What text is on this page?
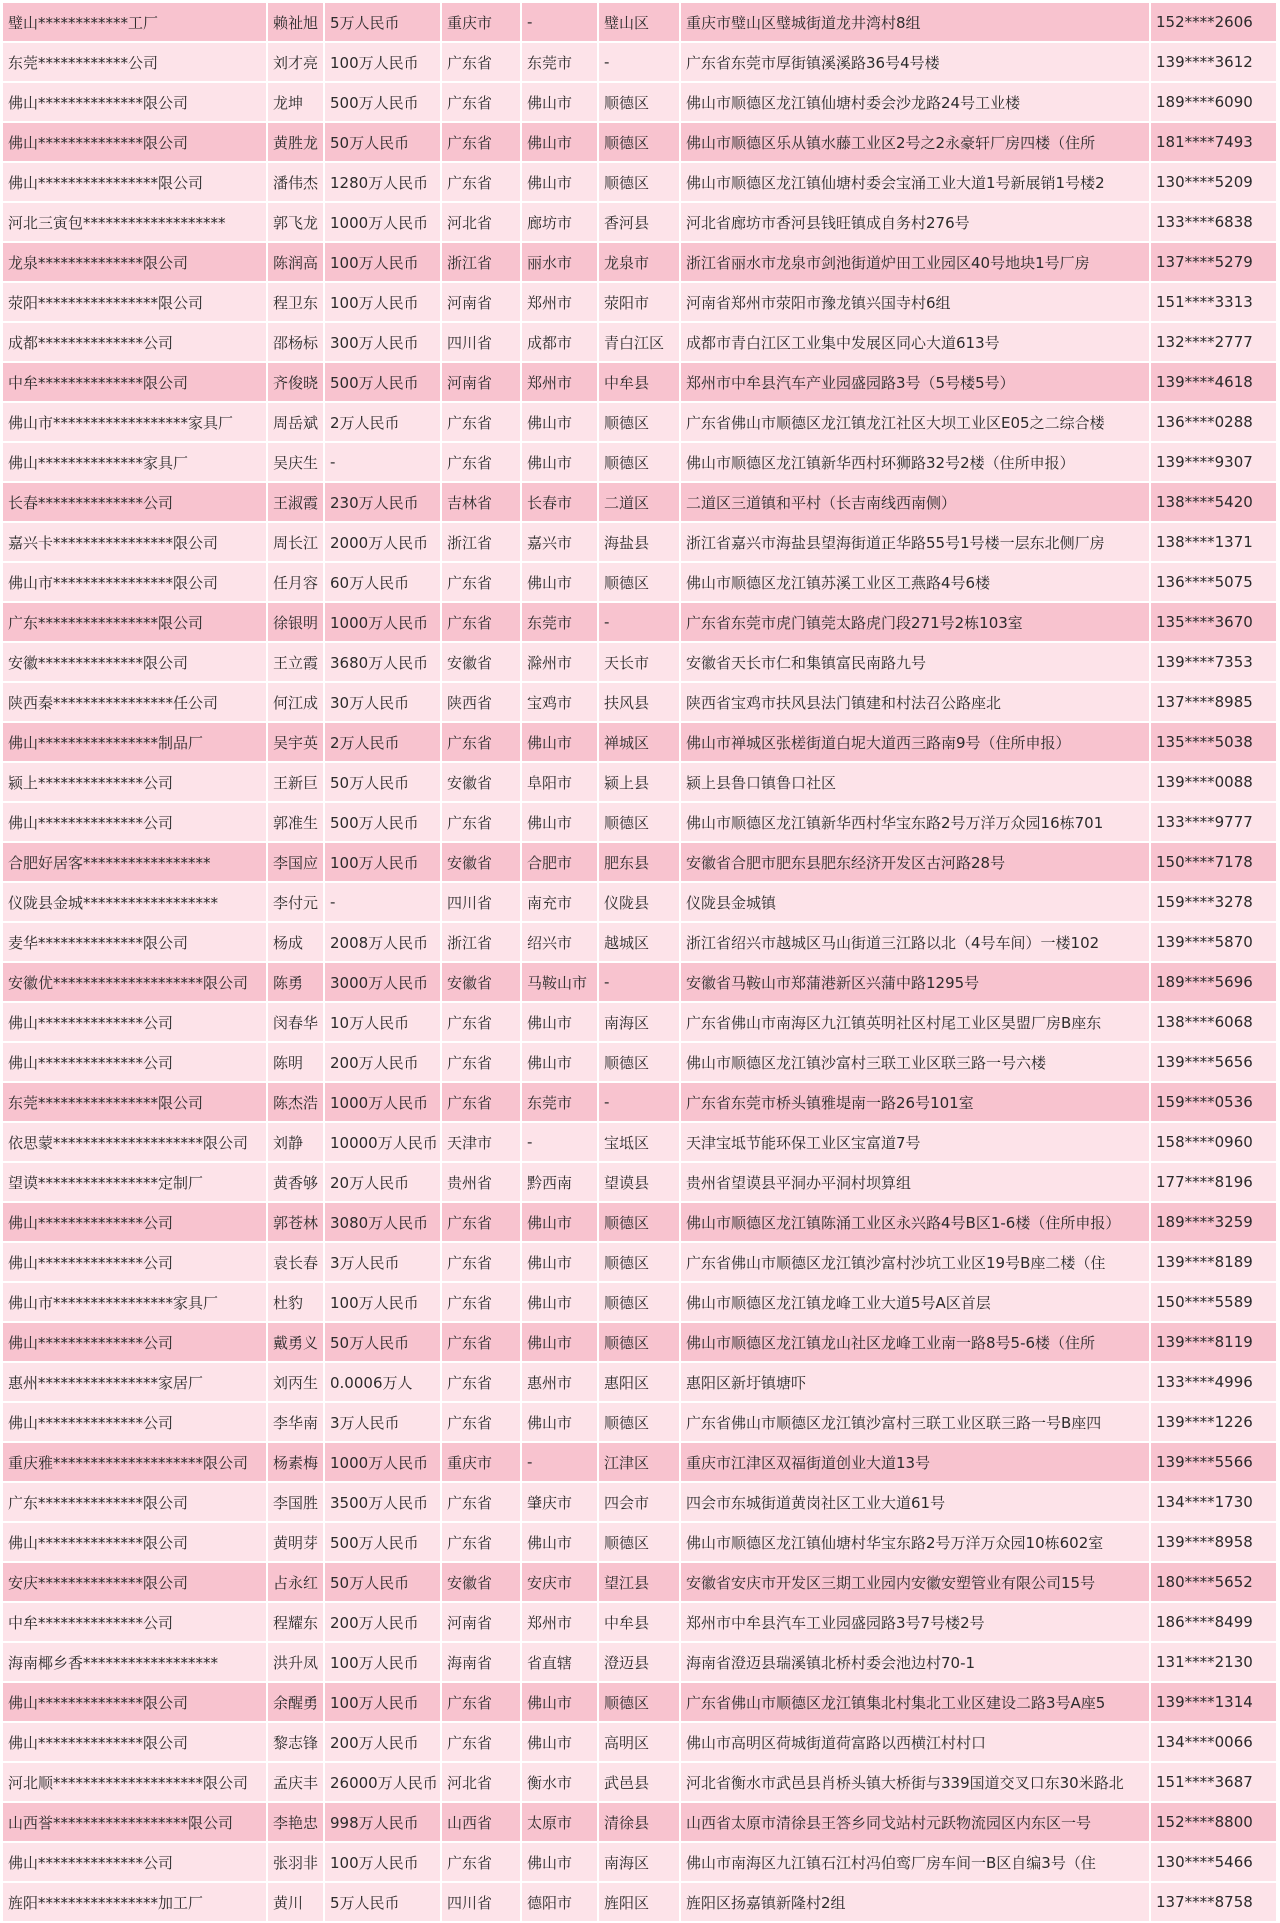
璧山************工厂	赖祉旭	5万人民币	重庆市	-	璧山区	重庆市璧山区璧城街道龙井湾村8组	152****2606
东莞************公司	刘才亮	100万人民币	广东省	东莞市	-	广东省东莞市厚街镇溪溪路36号4号楼	139****3612
佛山**************限公司	龙坤	500万人民币	广东省	佛山市	顺德区	佛山市顺德区龙江镇仙塘村委会沙龙路24号工业楼	189****6090
佛山**************限公司	黄胜龙	50万人民币	广东省	佛山市	顺德区	佛山市顺德区乐从镇水藤工业区2号之2永豪轩厂房四楼（住所	181****7493
佛山****************限公司	潘伟杰	1280万人民币	广东省	佛山市	顺德区	佛山市顺德区龙江镇仙塘村委会宝涌工业大道1号新展销1号楼2	130****5209
河北三寅包*******************	郭飞龙	1000万人民币	河北省	廊坊市	香河县	河北省廊坊市香河县钱旺镇成自务村276号	133****6838
龙泉**************限公司	陈润高	100万人民币	浙江省	丽水市	龙泉市	浙江省丽水市龙泉市剑池街道炉田工业园区40号地块1号厂房	137****5279
荥阳****************限公司	程卫东	100万人民币	河南省	郑州市	荥阳市	河南省郑州市荥阳市豫龙镇兴国寺村6组	151****3313
成都**************公司	邵杨标	300万人民币	四川省	成都市	青白江区	成都市青白江区工业集中发展区同心大道613号	132****2777
中牟**************限公司	齐俊晓	500万人民币	河南省	郑州市	中牟县	郑州市中牟县汽车产业园盛园路3号（5号楼5号）	139****4618
佛山市******************家具厂	周岳斌	2万人民币	广东省	佛山市	顺德区	广东省佛山市顺德区龙江镇龙江社区大坝工业区E05之二综合楼	136****0288
佛山**************家具厂	吴庆生	-	广东省	佛山市	顺德区	佛山市顺德区龙江镇新华西村环狮路32号2楼（住所申报）	139****9307
长春**************公司	王淑霞	230万人民币	吉林省	长春市	二道区	二道区三道镇和平村（长吉南线西南侧）	138****5420
嘉兴卡****************限公司	周长江	2000万人民币	浙江省	嘉兴市	海盐县	浙江省嘉兴市海盐县望海街道正华路55号1号楼一层东北侧厂房	138****1371
佛山市****************限公司	任月容	60万人民币	广东省	佛山市	顺德区	佛山市顺德区龙江镇苏溪工业区工燕路4号6楼	136****5075
广东****************限公司	徐银明	1000万人民币	广东省	东莞市	-	广东省东莞市虎门镇莞太路虎门段271号2栋103室	135****3670
安徽**************限公司	王立霞	3680万人民币	安徽省	滁州市	天长市	安徽省天长市仁和集镇富民南路九号	139****7353
陕西秦****************任公司	何江成	30万人民币	陕西省	宝鸡市	扶风县	陕西省宝鸡市扶风县法门镇建和村法召公路座北	137****8985
佛山****************制品厂	吴宇英	2万人民币	广东省	佛山市	禅城区	佛山市禅城区张槎街道白坭大道西三路南9号（住所申报）	135****5038
颍上**************公司	王新巨	50万人民币	安徽省	阜阳市	颍上县	颍上县鲁口镇鲁口社区	139****0088
佛山**************公司	郭准生	500万人民币	广东省	佛山市	顺德区	佛山市顺德区龙江镇新华西村华宝东路2号万洋万众园16栋701	133****9777
合肥好居客*****************	李国应	100万人民币	安徽省	合肥市	肥东县	安徽省合肥市肥东县肥东经济开发区古河路28号	150****7178
仪陇县金城******************	李付元	-	四川省	南充市	仪陇县	仪陇县金城镇	159****3278
麦华**************限公司	杨成	2008万人民币	浙江省	绍兴市	越城区	浙江省绍兴市越城区马山街道三江路以北（4号车间）一楼102	139****5870
安徽优********************限公司	陈勇	3000万人民币	安徽省	马鞍山市	-	安徽省马鞍山市郑蒲港新区兴蒲中路1295号	189****5696
佛山**************公司	闵春华	10万人民币	广东省	佛山市	南海区	广东省佛山市南海区九江镇英明社区村尾工业区昊盟厂房B座东	138****6068
佛山**************公司	陈明	200万人民币	广东省	佛山市	顺德区	佛山市顺德区龙江镇沙富村三联工业区联三路一号六楼	139****5656
东莞****************限公司	陈杰浩	1000万人民币	广东省	东莞市	-	广东省东莞市桥头镇雅堤南一路26号101室	159****0536
依思蒙********************限公司	刘静	10000万人民币	天津市	-	宝坻区	天津宝坻节能环保工业区宝富道7号	158****0960
望谟****************定制厂	黄香够	20万人民币	贵州省	黔西南	望谟县	贵州省望谟县平洞办平洞村坝算组	177****8196
佛山**************公司	郭苍林	3080万人民币	广东省	佛山市	顺德区	佛山市顺德区龙江镇陈涌工业区永兴路4号B区1-6楼（住所申报）	189****3259
佛山**************公司	袁长春	3万人民币	广东省	佛山市	顺德区	广东省佛山市顺德区龙江镇沙富村沙坑工业区19号B座二楼（住	139****8189
佛山市****************家具厂	杜豹	100万人民币	广东省	佛山市	顺德区	佛山市顺德区龙江镇龙峰工业大道5号A区首层	150****5589
佛山**************公司	戴勇义	50万人民币	广东省	佛山市	顺德区	佛山市顺德区龙江镇龙山社区龙峰工业南一路8号5-6楼（住所	139****8119
惠州****************家居厂	刘丙生	0.0006万人	广东省	惠州市	惠阳区	惠阳区新圩镇塘吓	133****4996
佛山**************公司	李华南	3万人民币	广东省	佛山市	顺德区	广东省佛山市顺德区龙江镇沙富村三联工业区联三路一号B座四	139****1226
重庆雅********************限公司	杨素梅	1000万人民币	重庆市	-	江津区	重庆市江津区双福街道创业大道13号	139****5566
广东**************限公司	李国胜	3500万人民币	广东省	肇庆市	四会市	四会市东城街道黄岗社区工业大道61号	134****1730
佛山**************限公司	黄明芽	500万人民币	广东省	佛山市	顺德区	佛山市顺德区龙江镇仙塘村华宝东路2号万洋万众园10栋602室	139****8958
安庆**************限公司	占永红	50万人民币	安徽省	安庆市	望江县	安徽省安庆市开发区三期工业园内安徽安塑管业有限公司15号	180****5652
中牟**************公司	程耀东	200万人民币	河南省	郑州市	中牟县	郑州市中牟县汽车工业园盛园路3号7号楼2号	186****8499
海南椰乡香******************	洪升凤	100万人民币	海南省	省直辖	澄迈县	海南省澄迈县瑞溪镇北桥村委会池边村70-1	131****2130
佛山**************限公司	余醒勇	100万人民币	广东省	佛山市	顺德区	广东省佛山市顺德区龙江镇集北村集北工业区建设二路3号A座5	139****1314
佛山**************限公司	黎志锋	200万人民币	广东省	佛山市	高明区	佛山市高明区荷城街道荷富路以西横江村村口	134****0066
河北顺********************限公司	孟庆丰	26000万人民币	河北省	衡水市	武邑县	河北省衡水市武邑县肖桥头镇大桥街与339国道交叉口东30米路北	151****3687
山西誉******************限公司	李艳忠	998万人民币	山西省	太原市	清徐县	山西省太原市清徐县王答乡同戈站村元跃物流园区内东区一号	152****8800
佛山**************公司	张羽非	100万人民币	广东省	佛山市	南海区	佛山市南海区九江镇石江村冯伯鸾厂房车间一B区自编3号（住	130****5466
旌阳****************加工厂	黄川	5万人民币	四川省	德阳市	旌阳区	旌阳区扬嘉镇新隆村2组	137****8758
